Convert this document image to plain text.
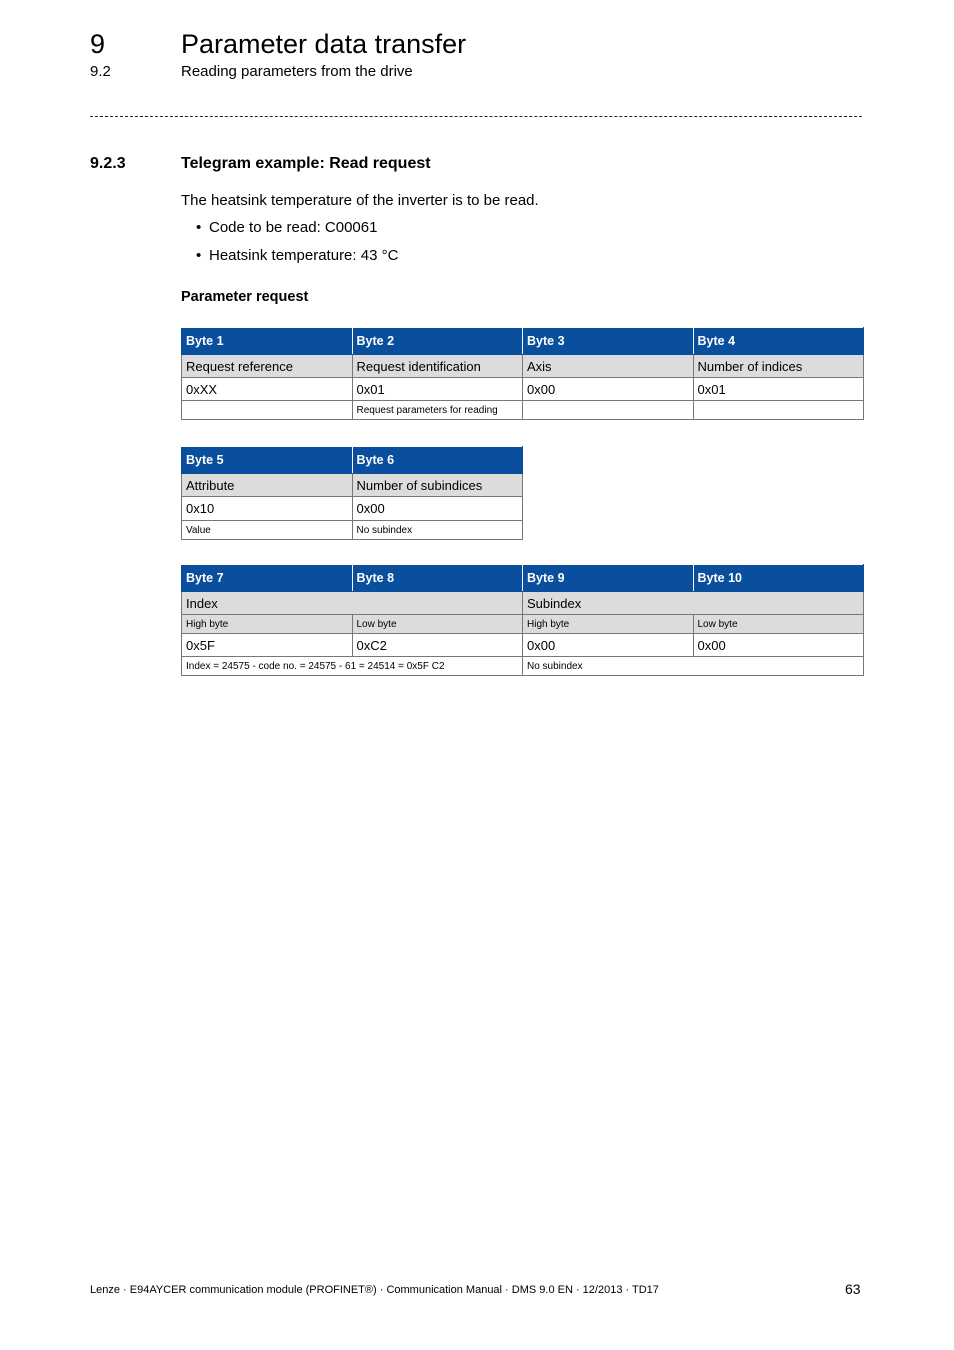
9	Parameter data transfer
9.2	Reading parameters from the drive
9.2.3	Telegram example: Read request
The heatsink temperature of the inverter is to be read.
• Code to be read: C00061
• Heatsink temperature: 43 °C
Parameter request
Byte 1	Byte 2	Byte 3	Byte 4
Request reference	Request identification	Axis	Number of indices
0xXX	0x01	0x00	0x01
	Request parameters for reading		
Byte 5	Byte 6
Attribute	Number of subindices
0x10	0x00
Value	No subindex
Byte 7	Byte 8	Byte 9	Byte 10
Index		Subindex	
High byte	Low byte	High byte	Low byte
0x5F	0xC2	0x00	0x00
Index = 24575 - code no. = 24575 - 61 = 24514 = 0x5F C2		No subindex	
Lenze · E94AYCER communication module (PROFINET®) · Communication Manual · DMS 9.0 EN · 12/2013 · TD17	63
